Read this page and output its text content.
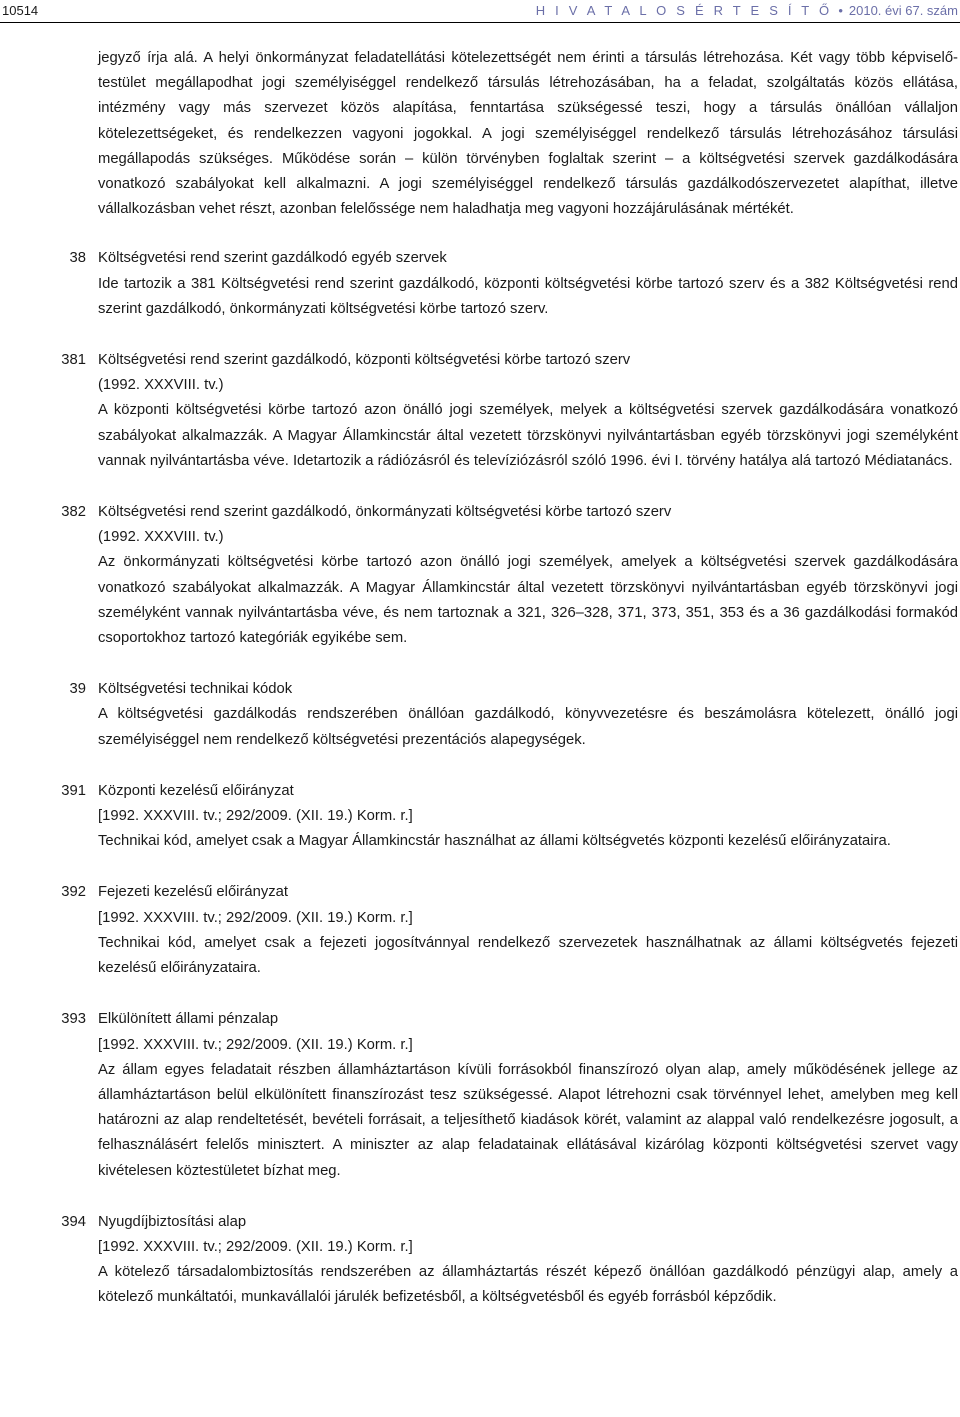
10514	H I V A T A L O S É R T E S Í T Ő • 2010. évi 67. szám

jegyző írja alá. A helyi önkormányzat feladatellátási kötelezettségét nem érinti a társulás létrehozása. Két vagy több képviselő-testület megállapodhat jogi személyiséggel rendelkező társulás létrehozásában, ha a feladat, szolgáltatás közös ellátása, intézmény vagy más szervezet közös alapítása, fenntartása szükségessé teszi, hogy a társulás önállóan vállaljon kötelezettségeket, és rendelkezzen vagyoni jogokkal. A jogi személyiséggel rendelkező társulás létrehozásához társulási megállapodás szükséges. Működése során – külön törvényben foglaltak szerint – a költségvetési szervek gazdálkodására vonatkozó szabályokat kell alkalmazni. A jogi személyiséggel rendelkező társulás gazdálkodószervezetet alapíthat, illetve vállalkozásban vehet részt, azonban felelőssége nem haladhatja meg vagyoni hozzájárulásának mértékét.

38 Költségvetési rend szerint gazdálkodó egyéb szervek
Ide tartozik a 381 Költségvetési rend szerint gazdálkodó, központi költségvetési körbe tartozó szerv és a 382 Költségvetési rend szerint gazdálkodó, önkormányzati költségvetési körbe tartozó szerv.
381 Költségvetési rend szerint gazdálkodó, központi költségvetési körbe tartozó szerv
(1992. XXXVIII. tv.)
A központi költségvetési körbe tartozó azon önálló jogi személyek, melyek a költségvetési szervek gazdálkodására vonatkozó szabályokat alkalmazzák. A Magyar Államkincstár által vezetett törzskönyvi nyilvántartásban egyéb törzskönyvi jogi személyként vannak nyilvántartásba véve. Idetartozik a rádiózásról és televíziózásról szóló 1996. évi I. törvény hatálya alá tartozó Médiatanács.
382 Költségvetési rend szerint gazdálkodó, önkormányzati költségvetési körbe tartozó szerv
(1992. XXXVIII. tv.)
Az önkormányzati költségvetési körbe tartozó azon önálló jogi személyek, amelyek a költségvetési szervek gazdálkodására vonatkozó szabályokat alkalmazzák. A Magyar Államkincstár által vezetett törzskönyvi nyilvántartásban egyéb törzskönyvi jogi személyként vannak nyilvántartásba véve, és nem tartoznak a 321, 326–328, 371, 373, 351, 353 és a 36 gazdálkodási formakód csoportokhoz tartozó kategóriák egyikébe sem.
39 Költségvetési technikai kódok
A költségvetési gazdálkodás rendszerében önállóan gazdálkodó, könyvvezetésre és beszámolásra kötelezett, önálló jogi személyiséggel nem rendelkező költségvetési prezentációs alapegységek.
391 Központi kezelésű előirányzat
[1992. XXXVIII. tv.; 292/2009. (XII. 19.) Korm. r.]
Technikai kód, amelyet csak a Magyar Államkincstár használhat az állami költségvetés központi kezelésű előirányzataira.
392 Fejezeti kezelésű előirányzat
[1992. XXXVIII. tv.; 292/2009. (XII. 19.) Korm. r.]
Technikai kód, amelyet csak a fejezeti jogosítvánnyal rendelkező szervezetek használhatnak az állami költségvetés fejezeti kezelésű előirányzataira.
393 Elkülönített állami pénzalap
[1992. XXXVIII. tv.; 292/2009. (XII. 19.) Korm. r.]
Az állam egyes feladatait részben államháztartáson kívüli forrásokból finanszírozó olyan alap, amely működésének jellege az államháztartáson belül elkülönített finanszírozást tesz szükségessé. Alapot létrehozni csak törvénnyel lehet, amelyben meg kell határozni az alap rendeltetését, bevételi forrásait, a teljesíthető kiadások körét, valamint az alappal való rendelkezésre jogosult, a felhasználásért felelős minisztert. A miniszter az alap feladatainak ellátásával kizárólag központi költségvetési szervet vagy kivételesen köztestületet bízhat meg.
394 Nyugdíjbiztosítási alap
[1992. XXXVIII. tv.; 292/2009. (XII. 19.) Korm. r.]
A kötelező társadalombiztosítás rendszerében az államháztartás részét képező önállóan gazdálkodó pénzügyi alap, amely a kötelező munkáltatói, munkavállalói járulék befizetésből, a költségvetésből és egyéb forrásból képződik.
